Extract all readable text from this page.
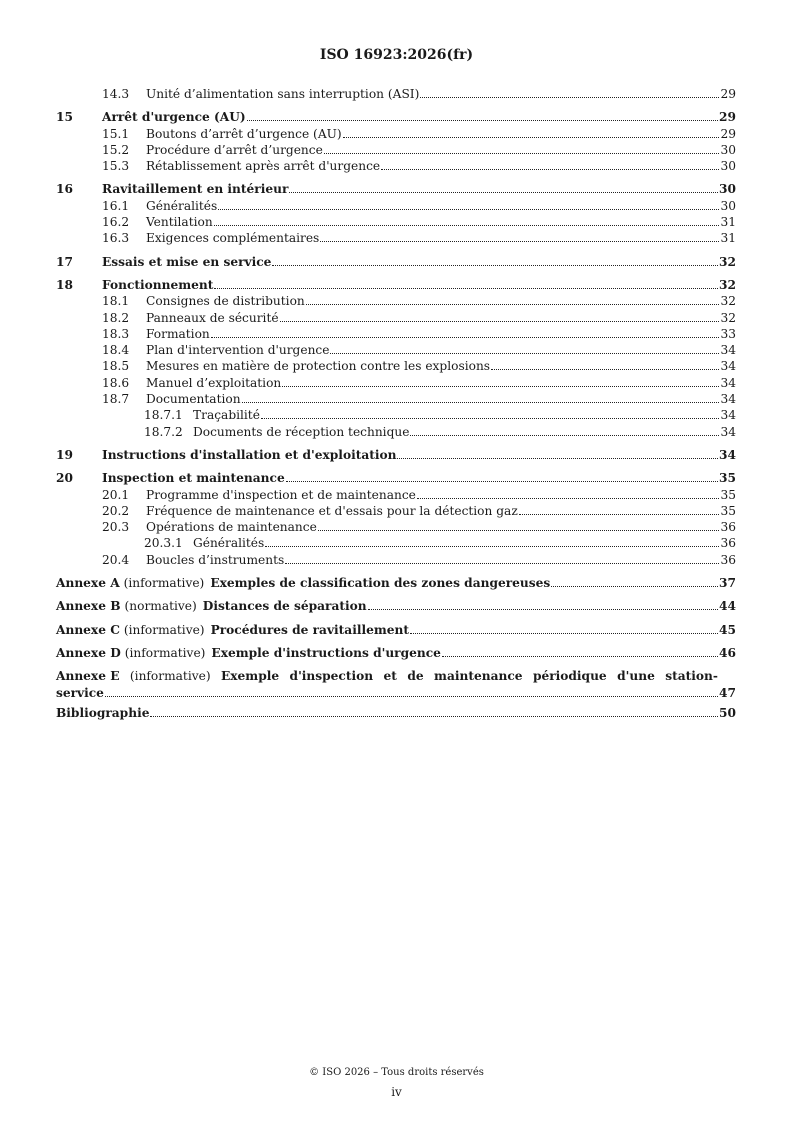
ISO 16923:2026(fr)
14.3	Unité d’alimentation sans interruption (ASI)	29
15	Arrêt d'urgence (AU)	29
15.1	Boutons d’arrêt d’urgence (AU)	29
15.2	Procédure d’arrêt d’urgence	30
15.3	Rétablissement après arrêt d'urgence	30
16	Ravitaillement en intérieur	30
16.1	Généralités	30
16.2	Ventilation	31
16.3	Exigences complémentaires	31
17	Essais et mise en service	32
18	Fonctionnement	32
18.1	Consignes de distribution	32
18.2	Panneaux de sécurité	32
18.3	Formation	33
18.4	Plan d'intervention d'urgence	34
18.5	Mesures en matière de protection contre les explosions	34
18.6	Manuel d’exploitation	34
18.7	Documentation	34
18.7.1 Traçabilité	34
18.7.2 Documents de réception technique	34
19	Instructions d'installation et d'exploitation	34
20	Inspection et maintenance	35
20.1	Programme d'inspection et de maintenance	35
20.2	Fréquence de maintenance et d'essais pour la détection gaz	35
20.3	Opérations de maintenance	36
20.3.1 Généralités	36
20.4	Boucles d’instruments	36
Annexe A (informative) Exemples de classification des zones dangereuses	37
Annexe B (normative) Distances de séparation	44
Annexe C (informative) Procédures de ravitaillement	45
Annexe D (informative) Exemple d'instructions d'urgence	46
Annexe E (informative) Exemple d'inspection et de maintenance périodique d'une station-
service	47
Bibliographie	50
© ISO 2026 – Tous droits réservés
iv
